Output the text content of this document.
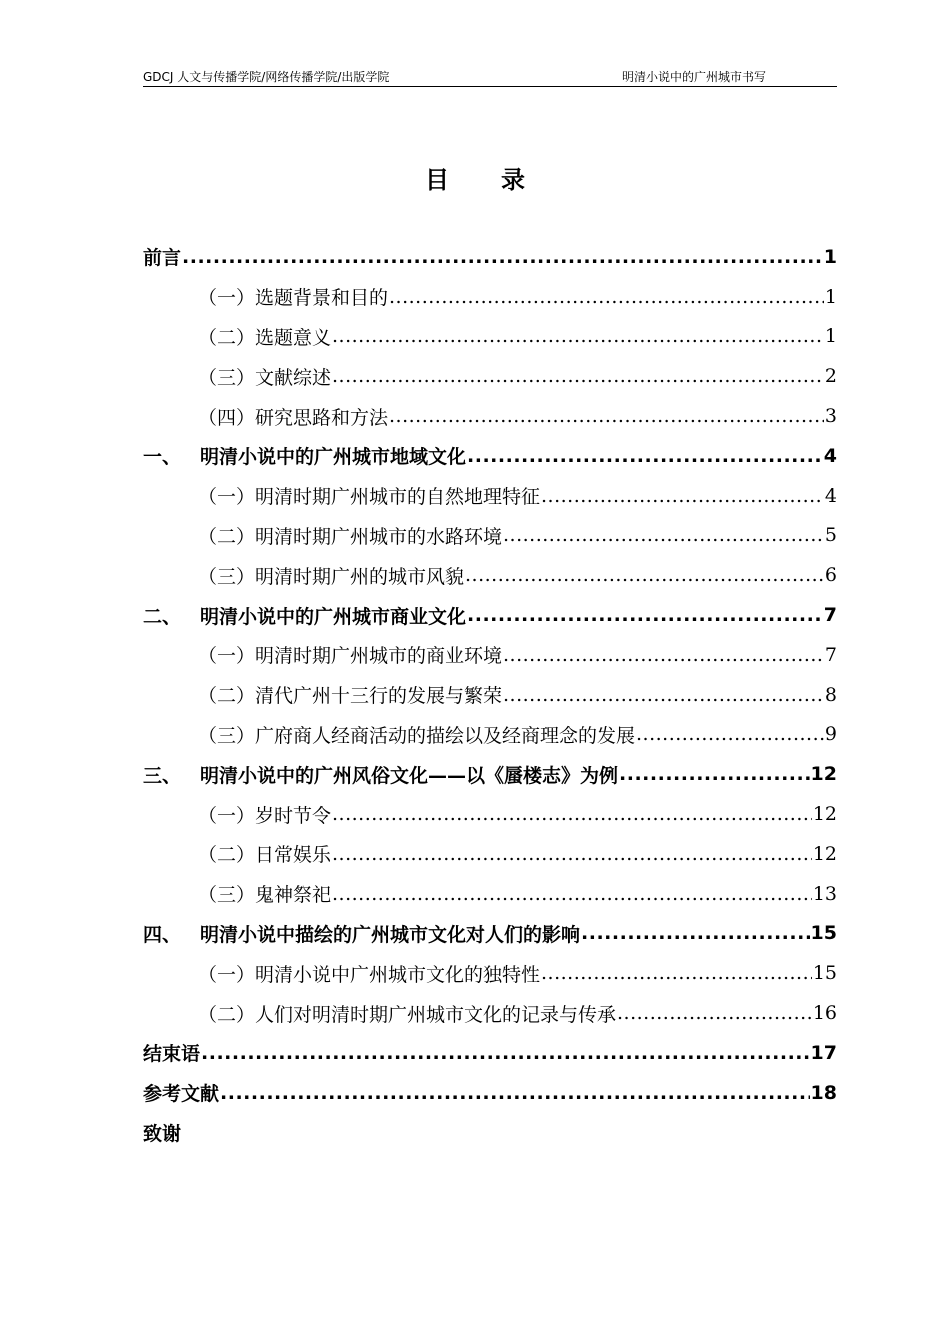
GDCJ 人文与传播学院/网络传播学院/出版学院	明清小说中的广州城市书写
目录
前言 .....	1
（一）选题背景和目的 .....	1
（二）选题意义 .....	1
（三）文献综述 .....	2
（四）研究思路和方法 .....	3
一、 明清小说中的广州城市地域文化 .....	4
（一）明清时期广州城市的自然地理特征 .....	4
（二）明清时期广州城市的水路环境 .....	5
（三）明清时期广州的城市风貌 .....	6
二、 明清小说中的广州城市商业文化 .....	7
（一）明清时期广州城市的商业环境 .....	7
（二）清代广州十三行的发展与繁荣 .....	8
（三）广府商人经商活动的描绘以及经商理念的发展 .....	9
三、 明清小说中的广州风俗文化——以《蜃楼志》为例 .....	12
（一）岁时节令 .....	12
（二）日常娱乐 .....	12
（三）鬼神祭祀 .....	13
四、 明清小说中描绘的广州城市文化对人们的影响 .....	15
（一）明清小说中广州城市文化的独特性 .....	15
（二）人们对明清时期广州城市文化的记录与传承 .....	16
结束语 .....	17
参考文献 .....	18
致谢
